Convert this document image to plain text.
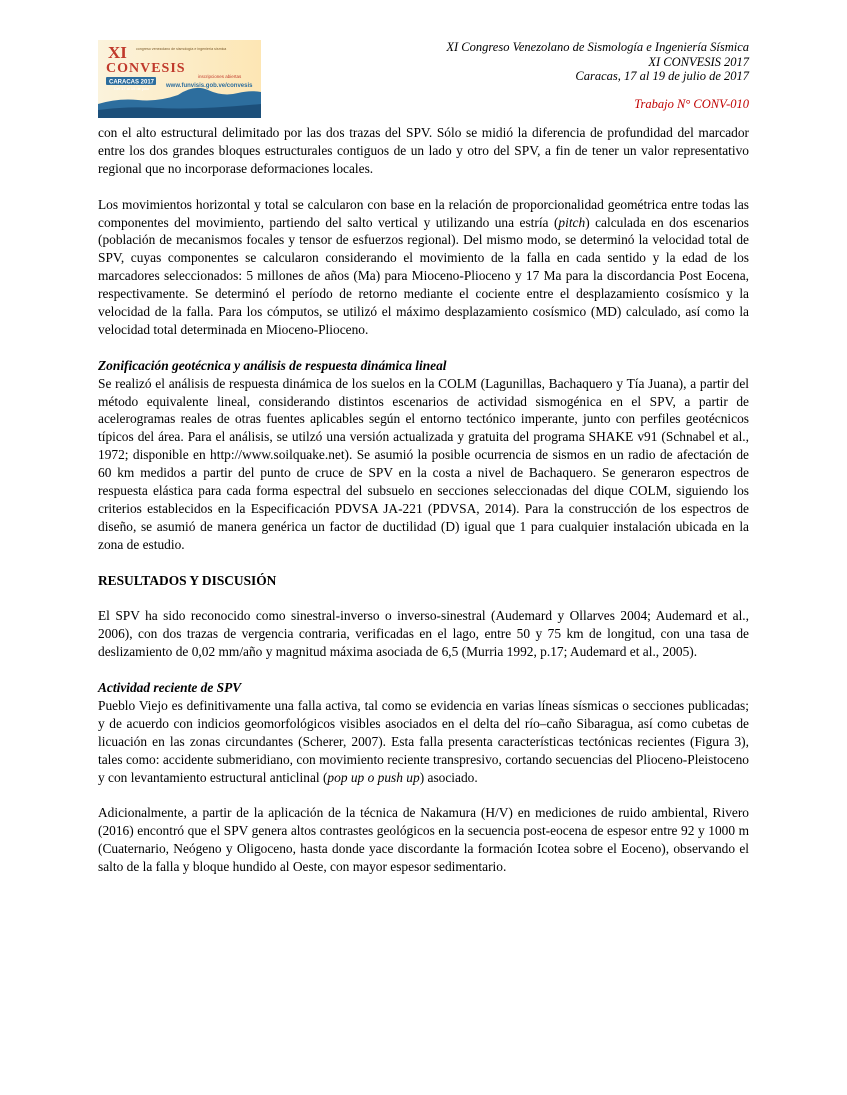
XI
CONVESIS
congreso venezolano de sismología e ingeniería sísmica
CARACAS 2017
Del 17 al 19 de julio
inscripciones abiertas
www.funvisis.gob.ve/convesis
XI Congreso Venezolano de Sismología e Ingeniería Sísmica
XI CONVESIS 2017
Caracas, 17 al 19 de julio de 2017
Trabajo N° CONV-010

con el alto estructural delimitado por las dos trazas del SPV. Sólo se midió la diferencia de profundidad del marcador entre los dos grandes bloques estructurales contiguos de un lado y otro del SPV, a fin de tener un valor representativo regional que no incorporase deformaciones locales.

Los movimientos horizontal y total se calcularon con base en la relación de proporcionalidad geométrica entre todas las componentes del movimiento, partiendo del salto vertical y utilizando una estría (pitch) calculada en dos escenarios (población de mecanismos focales y tensor de esfuerzos regional). Del mismo modo, se determinó la velocidad total de SPV, cuyas componentes se calcularon considerando el movimiento de la falla en cada sentido y la edad de los marcadores seleccionados: 5 millones de años (Ma) para Mioceno-Plioceno y 17 Ma para la discordancia Post Eocena, respectivamente. Se determinó el período de retorno mediante el cociente entre el desplazamiento cosísmico y la velocidad de la falla. Para los cómputos, se utilizó el máximo desplazamiento cosísmico (MD) calculado, así como la velocidad total determinada en Mioceno-Plioceno.

Zonificación geotécnica y análisis de respuesta dinámica lineal

Se realizó el análisis de respuesta dinámica de los suelos en la COLM (Lagunillas, Bachaquero y Tía Juana), a partir del método equivalente lineal, considerando distintos escenarios de actividad sismogénica en el SPV, a partir de acelerogramas reales de otras fuentes aplicables según el entorno tectónico imperante, junto con perfiles geotécnicos típicos del área. Para el análisis, se utilzó una versión actualizada y gratuita del programa SHAKE v91 (Schnabel et al., 1972; disponible en http://www.soilquake.net). Se asumió la posible ocurrencia de sismos en un radio de afectación de 60 km medidos a partir del punto de cruce de SPV en la costa a nivel de Bachaquero. Se generaron espectros de respuesta elástica para cada forma espectral del subsuelo en secciones seleccionadas del dique COLM, siguiendo los criterios establecidos en la Especificación PDVSA JA-221 (PDVSA, 2014). Para la construcción de los espectros de diseño, se asumió de manera genérica un factor de ductilidad (D) igual que 1 para cualquier instalación ubicada en la zona de estudio.

RESULTADOS Y DISCUSIÓN

El SPV ha sido reconocido como sinestral-inverso o inverso-sinestral (Audemard y Ollarves 2004; Audemard et al., 2006), con dos trazas de vergencia contraria, verificadas en el lago, entre 50 y 75 km de longitud, con una tasa de deslizamiento de 0,02 mm/año y magnitud máxima asociada de 6,5 (Murria 1992, p.17; Audemard et al., 2005).

Actividad reciente de SPV

Pueblo Viejo es definitivamente una falla activa, tal como se evidencia en varias líneas sísmicas o secciones publicadas; y de acuerdo con indicios geomorfológicos visibles asociados en el delta del río–caño Sibaragua, así como cubetas de licuación en las zonas circundantes (Scherer, 2007). Esta falla presenta características tectónicas recientes (Figura 3), tales como: accidente submeridiano, con movimiento reciente transpresivo, cortando secuencias del Plioceno-Pleistoceno y con levantamiento estructural anticlinal (pop up o push up) asociado.

Adicionalmente, a partir de la aplicación de la técnica de Nakamura (H/V) en mediciones de ruido ambiental, Rivero (2016) encontró que el SPV genera altos contrastes geológicos en la secuencia post-eocena de espesor entre 92 y 1000 m (Cuaternario, Neógeno y Oligoceno, hasta donde yace discordante la formación Icotea sobre el Eoceno), observando el salto de la falla y bloque hundido al Oeste, con mayor espesor sedimentario.
